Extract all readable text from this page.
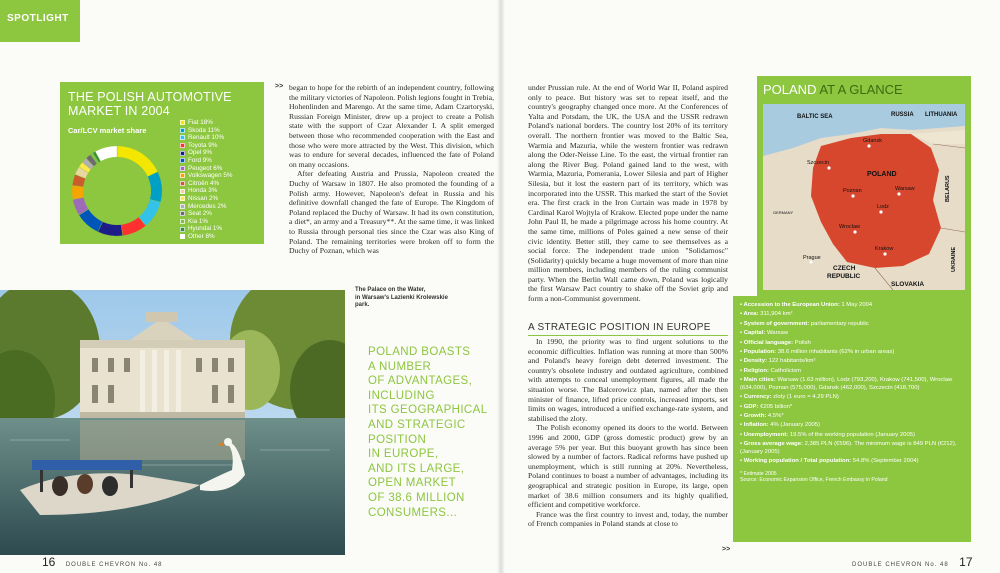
SPOTLIGHT
THE POLISH AUTOMOTIVE
MARKET IN 2004
Car/LCV market share
Fiat 18%
Skoda 11%
Renault 10%
Toyota 9%
Opel 9%
Ford 9%
Peugeot 6%
Volkswagen 5%
Citroën 4%
Honda 3%
Nissan 2%
Mercedes 2%
Seat 2%
Kia 1%
Hyundai 1%
Other 8%
>> began to hope for the rebirth of an independent country, following the military victories of Napoleon. Polish legions fought in Trebia, Hohenlinden and Marengo. At the same time, Adam Czartoryski, Russian Foreign Minister, drew up a project to create a Polish state with the support of Czar Alexander I. A split emerged between those who recommended cooperation with the East and those who were more attracted by the West. This division, which was to endure for several decades, influenced the fate of Poland on many occasions.

After defeating Austria and Prussia, Napoleon created the Duchy of Warsaw in 1807. He also promoted the founding of a Polish army. However, Napoleon's defeat in Russia and his definitive downfall changed the fate of Europe. The Kingdom of Poland replaced the Duchy of Warsaw. It had its own constitution, a diet*, an army and a Treasury**. At the same time, it was linked to Russia through personal ties since the Czar was also King of Poland. The remaining territories were broken off to form the Duchy of Poznan, which was

under Prussian rule. At the end of World War II, Poland aspired only to peace. But history was set to repeat itself, and the country's geography changed once more. At the Conferences of Yalta and Potsdam, the UK, the USA and the USSR redrawn Poland's national borders. The country lost 20% of its territory overall. The northern frontier was moved to the Baltic Sea, Warmia and Mazuria, while the western frontier was redrawn along the Oder-Neisse Line. To the east, the virtual frontier ran along the River Bug. Poland gained land to the west, with Warmia, Mazuria, Pomerania, Lower Silesia and part of Higher Silesia, but it lost the eastern part of its territory, which was incorporated into the USSR. This marked the start of the Soviet era. The first crack in the Iron Curtain was made in 1978 by Cardinal Karol Wojtyla of Krakow. Elected pope under the name John Paul II, he made a pilgrimage across his home country. At the same time, millions of Poles gained a new sense of their civic identity. Better still, they came to see themselves as a social force. The independent trade union "Solidarnosc" (Solidarity) quickly became a huge movement of more than nine million members, including members of the ruling communist party. When the Berlin Wall came down, Poland was logically the first Warsaw Pact country to shake off the Soviet grip and form a non-Communist government.

A STRATEGIC POSITION IN EUROPE

In 1990, the priority was to find urgent solutions to the economic difficulties. Inflation was running at more than 500% and Poland's heavy foreign debt deterred investment. The country's obsolete industry and outdated agriculture, combined with attempts to conceal unemployment figures, all made the situation worse. The Balcerowicz plan, named after the then minister of finance, lifted price controls, increased imports, set limits on wages, introduced a unified exchange-rate system, and stabilised the zloty.

The Polish economy opened its doors to the world. Between 1996 and 2000, GDP (gross domestic product) grew by an average 5% per year. But this buoyant growth has since been slowed by a number of factors. Radical reforms have pushed up unemployment, which is still running at 20%. Nevertheless, Poland continues to boast a number of advantages, including its geographical and strategic position in Europe, its large, open market of 38.6 million consumers and its highly qualified, efficient and competitive workforce.

France was the first country to invest and, today, the number of French companies in Poland stands at close to

>>
The Palace on the Water,
in Warsaw's Lazienki Krolewskie
park.
POLAND BOASTS
A NUMBER
OF ADVANTAGES,
INCLUDING
ITS GEOGRAPHICAL
AND STRATEGIC
POSITION
IN EUROPE,
AND ITS LARGE,
OPEN MARKET
OF 38.6 MILLION
CONSUMERS...
POLAND AT A GLANCE
BALTIC SEA	RUSSIA LITHUANIA
Gdansk
Szczecin
POLAND
BELARUS
Poznan	Warsaw
Lodz
GERMANY
Wroclaw
Prague
Krakow
CZECH
REPUBLIC
UKRAINE
SLOVAKIA
• Accession to the European Union: 1 May 2004
• Area: 311,904 km²
• System of government: parliamentary republic
• Capital: Warsaw
• Official language: Polish
• Population: 38.6 million inhabitants (62% in urban areas)
• Density: 122 habitants/km²
• Religion: Catholicism
• Main cities: Warsaw (1.63 million), Lodz (793,200), Krakow (741,500), Wroclaw (634,000), Poznan (575,000), Gdansk (462,000), Szczecin (418,700)
• Currency: zloty (1 euro = 4.29 PLN)
• GDP: €205 billion*
• Growth: 4.5%*
• Inflation: 4% (January 2005)
• Unemployment: 19.5% of the working population (January 2005)
• Gross average wage: 2,385 PLN (€596). The minimum wage is 849 PLN (€212), (January 2005)
• Working population / Total population: 54.8% (September 2004)
* Estimate 2005
Source: Economic Expansion Office, French Embassy in Poland
16 DOUBLE CHEVRON No. 48	DOUBLE CHEVRON No. 48 17
